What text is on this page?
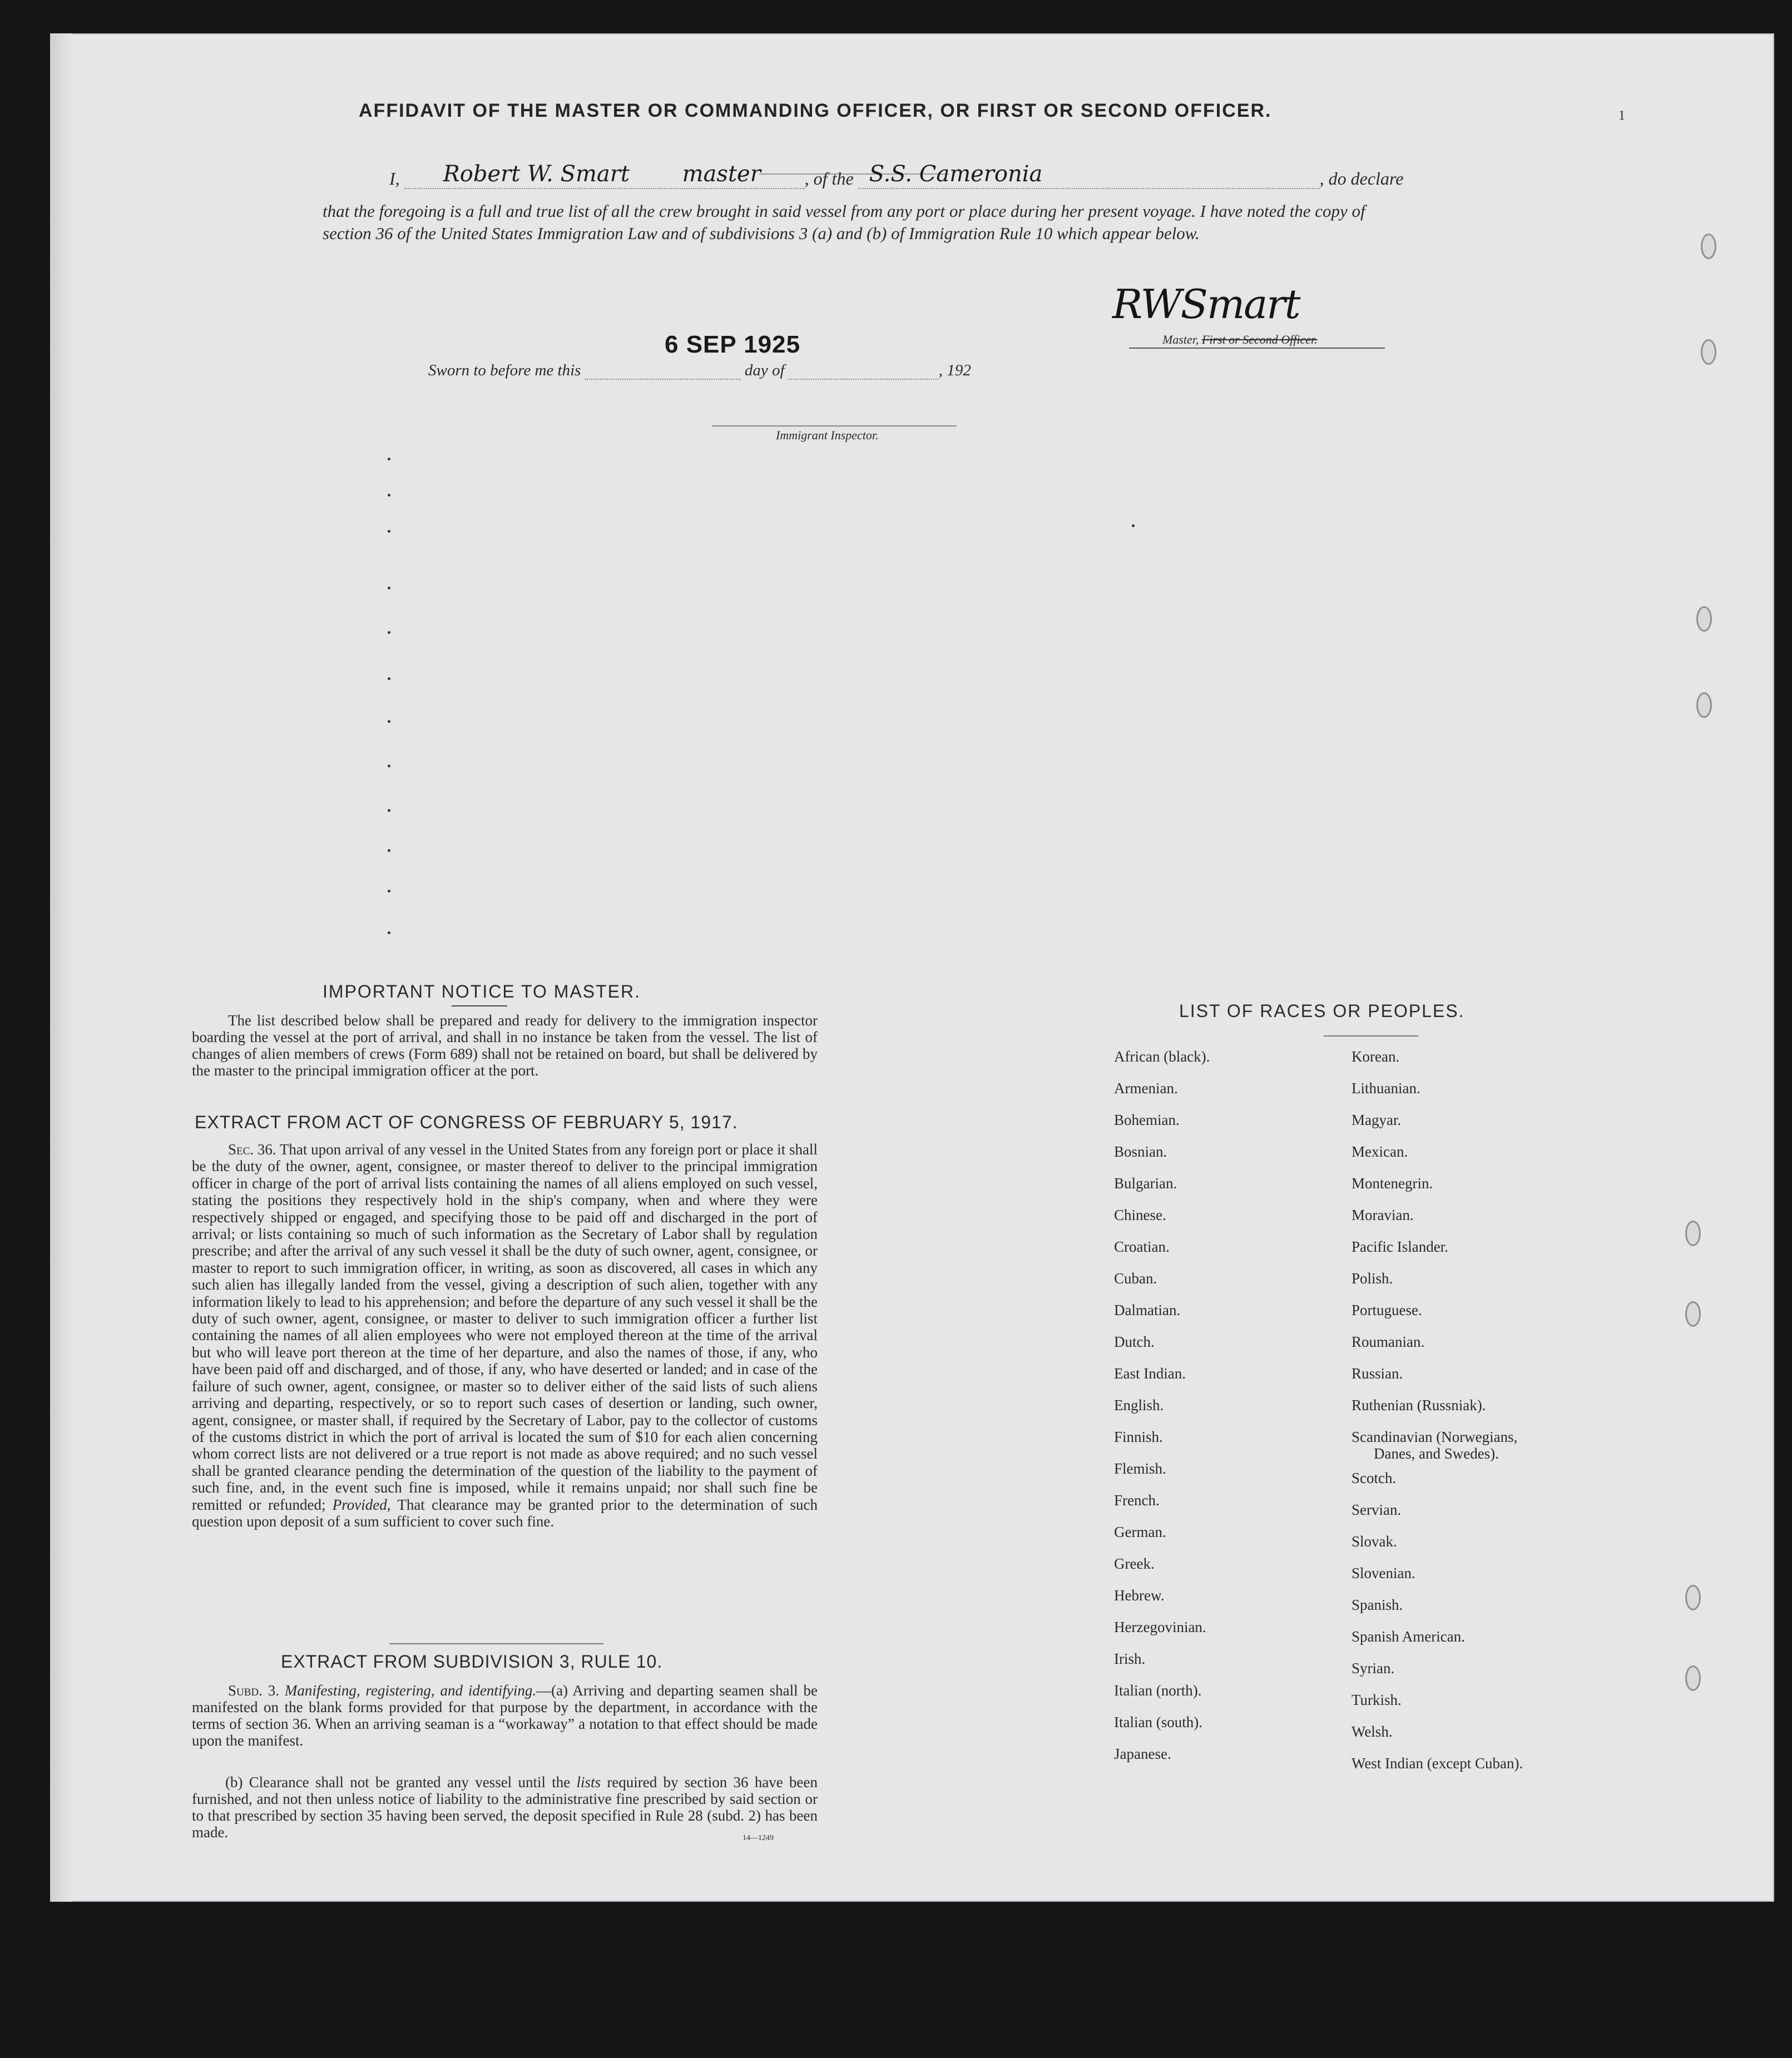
AFFIDAVIT OF THE MASTER OR COMMANDING OFFICER, OR FIRST OR SECOND OFFICER.	1
I, Robert W. Smart master , of the S.S. Cameronia	, do declare
that the foregoing is a full and true list of all the crew brought in said vessel from any port or place during her present voyage. I have noted the copy of section 36 of the United States Immigration Law and of subdivisions 3 (a) and (b) of Immigration Rule 10 which appear below.
RWSmart
Master, First or Second Officer.
6 SEP 1925
Sworn to before me this	day of	, 192
Immigrant Inspector.
IMPORTANT NOTICE TO MASTER.
The list described below shall be prepared and ready for delivery to the immigration inspector boarding the vessel at the port of arrival, and shall in no instance be taken from the vessel. The list of changes of alien members of crews (Form 689) shall not be retained on board, but shall be delivered by the master to the principal immigration officer at the port.
EXTRACT FROM ACT OF CONGRESS OF FEBRUARY 5, 1917.
Sec. 36. That upon arrival of any vessel in the United States from any foreign port or place it shall be the duty of the owner, agent, consignee, or master thereof to deliver to the principal immigration officer in charge of the port of arrival lists containing the names of all aliens employed on such vessel, stating the positions they respectively hold in the ship's company, when and where they were respectively shipped or engaged, and specifying those to be paid off and discharged in the port of arrival; or lists containing so much of such information as the Secretary of Labor shall by regulation prescribe; and after the arrival of any such vessel it shall be the duty of such owner, agent, consignee, or master to report to such immigration officer, in writing, as soon as discovered, all cases in which any such alien has illegally landed from the vessel, giving a description of such alien, together with any information likely to lead to his apprehension; and before the departure of any such vessel it shall be the duty of such owner, agent, consignee, or master to deliver to such immigration officer a further list containing the names of all alien employees who were not employed thereon at the time of the arrival but who will leave port thereon at the time of her departure, and also the names of those, if any, who have been paid off and discharged, and of those, if any, who have deserted or landed; and in case of the failure of such owner, agent, consignee, or master so to deliver either of the said lists of such aliens arriving and departing, respectively, or so to report such cases of desertion or landing, such owner, agent, consignee, or master shall, if required by the Secretary of Labor, pay to the collector of customs of the customs district in which the port of arrival is located the sum of $10 for each alien concerning whom correct lists are not delivered or a true report is not made as above required; and no such vessel shall be granted clearance pending the determination of the question of the liability to the payment of such fine, and, in the event such fine is imposed, while it remains unpaid; nor shall such fine be remitted or refunded; Provided, That clearance may be granted prior to the determination of such question upon deposit of a sum sufficient to cover such fine.
EXTRACT FROM SUBDIVISION 3, RULE 10.
Subd. 3. Manifesting, registering, and identifying.—(a) Arriving and departing seamen shall be manifested on the blank forms provided for that purpose by the department, in accordance with the terms of section 36. When an arriving seaman is a “workaway” a notation to that effect should be made upon the manifest.
(b) Clearance shall not be granted any vessel until the lists required by section 36 have been furnished, and not then unless notice of liability to the administrative fine prescribed by said section or to that prescribed by section 35 having been served, the deposit specified in Rule 28 (subd. 2) has been made.	14—1249
LIST OF RACES OR PEOPLES.
African (black).
Armenian.
Bohemian.
Bosnian.
Bulgarian.
Chinese.
Croatian.
Cuban.
Dalmatian.
Dutch.
East Indian.
English.
Finnish.
Flemish.
French.
German.
Greek.
Hebrew.
Herzegovinian.
Irish.
Italian (north).
Italian (south).
Japanese.
Korean.
Lithuanian.
Magyar.
Mexican.
Montenegrin.
Moravian.
Pacific Islander.
Polish.
Portuguese.
Roumanian.
Russian.
Ruthenian (Russniak).
Scandinavian (Norwegians,
Danes, and Swedes).
Scotch.
Servian.
Slovak.
Slovenian.
Spanish.
Spanish American.
Syrian.
Turkish.
Welsh.
West Indian (except Cuban).
